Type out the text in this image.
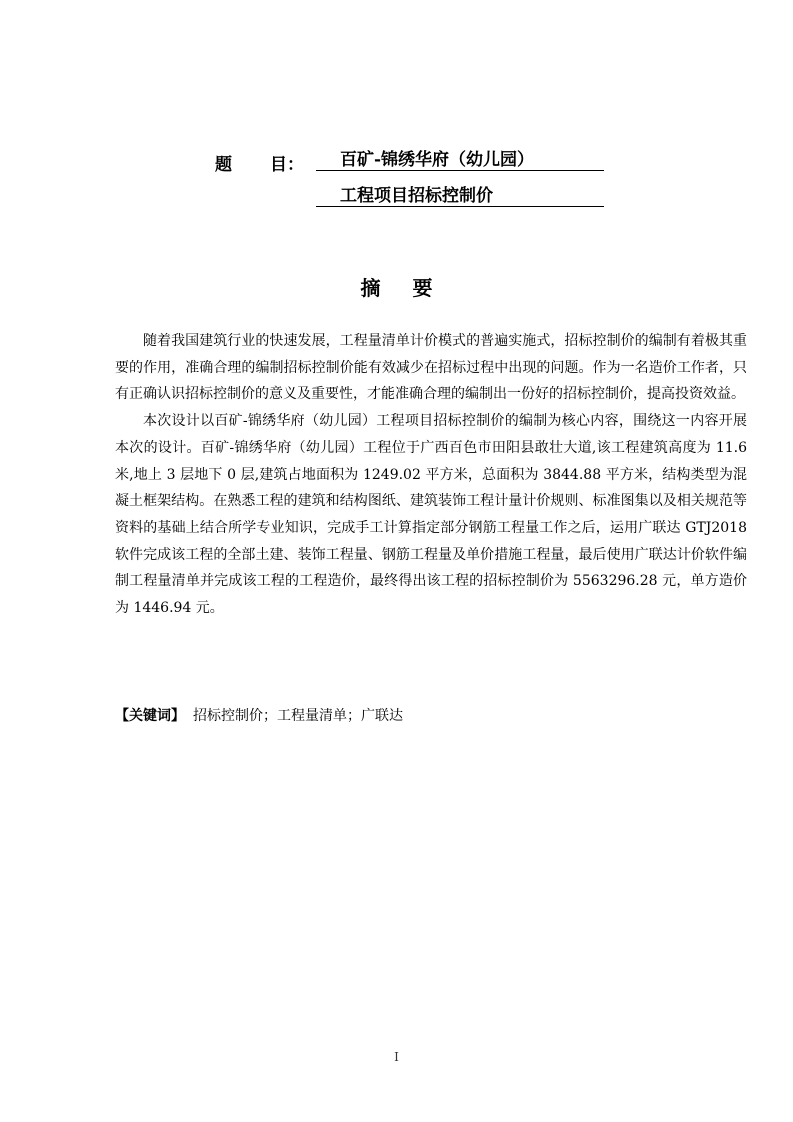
题 目：	百矿-锦绣华府（幼儿园）
工程项目招标控制价
摘 要

随着我国建筑行业的快速发展，工程量清单计价模式的普遍实施式，招标控制价的编制有着极其重要的作用，准确合理的编制招标控制价能有效减少在招标过程中出现的问题。作为一名造价工作者，只有正确认识招标控制价的意义及重要性，才能准确合理的编制出一份好的招标控制价，提高投资效益。

本次设计以百矿-锦绣华府（幼儿园）工程项目招标控制价的编制为核心内容，围绕这一内容开展本次的设计。百矿-锦绣华府（幼儿园）工程位于广西百色市田阳县敢壮大道,该工程建筑高度为 11.6 米,地上 3 层地下 0 层,建筑占地面积为 1249.02 平方米，总面积为 3844.88 平方米，结构类型为混凝土框架结构。在熟悉工程的建筑和结构图纸、建筑装饰工程计量计价规则、标准图集以及相关规范等资料的基础上结合所学专业知识，完成手工计算指定部分钢筋工程量工作之后，运用广联达 GTJ2018 软件完成该工程的全部土建、装饰工程量、钢筋工程量及单价措施工程量，最后使用广联达计价软件编制工程量清单并完成该工程的工程造价，最终得出该工程的招标控制价为 5563296.28 元，单方造价为 1446.94 元。

【关键词】 招标控制价；工程量清单；广联达
I
